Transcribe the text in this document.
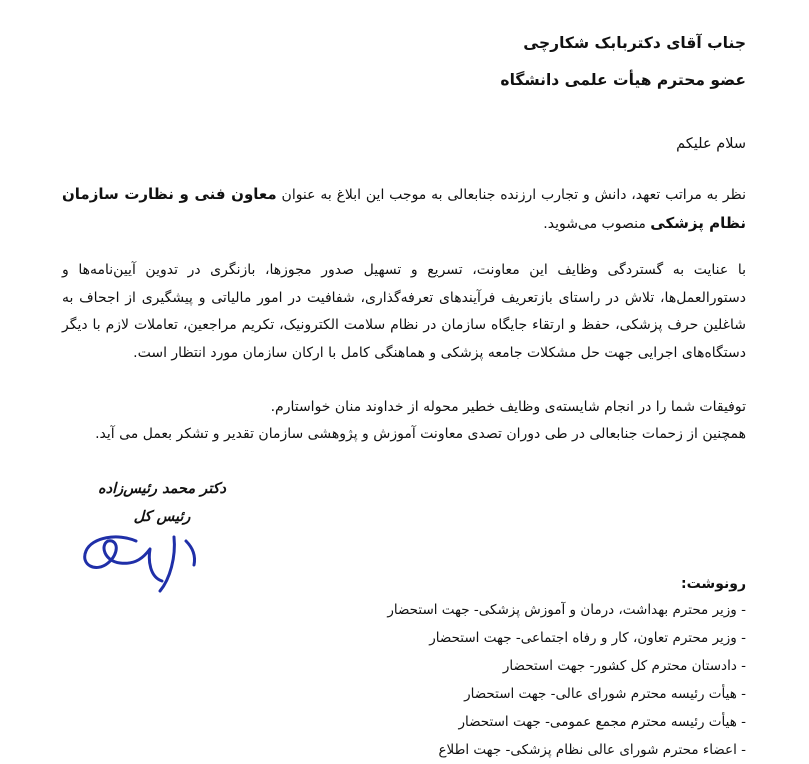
جناب آقای دکتربابک شکارچی
عضو محترم هیأت علمی دانشگاه
سلام علیکم

نظر به مراتب تعهد، دانش و تجارب ارزنده جنابعالی به موجب این ابلاغ به عنوان معاون فنی و نظارت سازمان نظام پزشکی منصوب می‌شوید.

با عنایت به گستردگی وظایف این معاونت، تسریع و تسهیل صدور مجوزها، بازنگری در تدوین آیین‌نامه‌ها و دستورالعمل‌ها، تلاش در راستای بازتعریف فرآیندهای تعرفه‌گذاری، شفافیت در امور مالیاتی و پیشگیری از اجحاف به شاغلین حرف پزشکی، حفظ و ارتقاء جایگاه سازمان در نظام سلامت الکترونیک، تکریم مراجعین، تعاملات لازم با دیگر دستگاه‌های اجرایی جهت حل مشکلات جامعه پزشکی و هماهنگی کامل با ارکان سازمان مورد انتظار است.

توفیقات شما را در انجام شایسته‌ی وظایف خطیر محوله از خداوند منان خواستارم.

همچنین از زحمات جنابعالی در طی دوران تصدی معاونت آموزش و پژوهشی سازمان تقدیر و تشکر بعمل می آید.

دکتر محمد رئیس‌زاده
رئیس کل
رونوشت:
- وزیر محترم بهداشت، درمان و آموزش پزشکی- جهت استحضار
- وزیر محترم تعاون، کار و رفاه اجتماعی- جهت استحضار
- دادستان محترم کل کشور- جهت استحضار
- هیأت رئیسه محترم شورای عالی- جهت استحضار
- هیأت رئیسه محترم مجمع عمومی- جهت استحضار
- اعضاء محترم شورای عالی نظام پزشکی- جهت اطلاع
